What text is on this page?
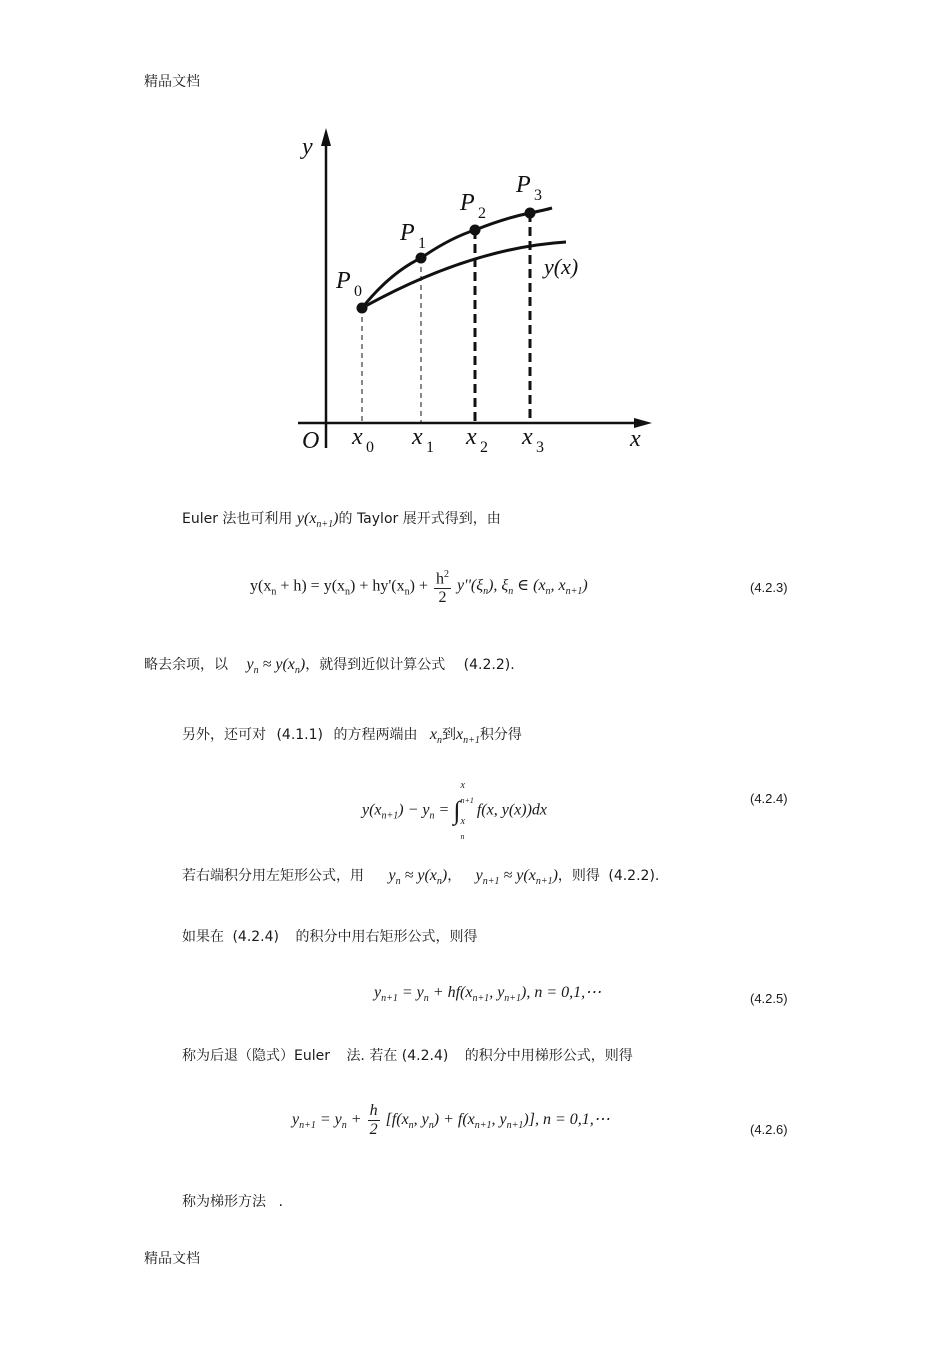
精品文档
y
x
O
y(x)
P 0
P 1
P 2
P 3
x 0 x 1 x 2 x 3
Euler 法也可利用 $y(x_{n+1})$的 Taylor 展开式得到，由
$y(x_n + h) = y(x_n) + hy'(x_n) + \frac{h^2}{2} y''(\xi_n)$, $\xi_n$ ∈ ($x_n$, $x_{n+1}$)	(4.2.3)
略去余项，以 $y_n \approx y(x_n)$，就得到近似计算公式 (4.2.2).
另外，还可对 (4.1.1) 的方程两端由 $x_n$到$x_{n+1}$积分得
$y(x_{n+1}) - y_n$ = ∫
x
$_{n+1}$
x
$_n$
f(x, y(x))dx
(4.2.4)
若右端积分用左矩形公式，用 $y_n \approx y(x_n)$， $y_{n+1} \approx y(x_{n+1})$，则得 (4.2.2).
如果在 (4.2.4) 的积分中用右矩形公式，则得
$y_{n+1} = y_n + hf(x_{n+1}$, $y_{n+1}$), n = 0,1,⋯	(4.2.5)
称为后退（隐式）Euler 法. 若在 (4.2.4) 的积分中用梯形公式，则得
$y_{n+1} = y_n + \frac{h}{2} [f(x_n$, $y_n) + f(x_{n+1}$, $y_{n+1}$)], n = 0,1,⋯
(4.2.6)
称为梯形方法 .
精品文档
